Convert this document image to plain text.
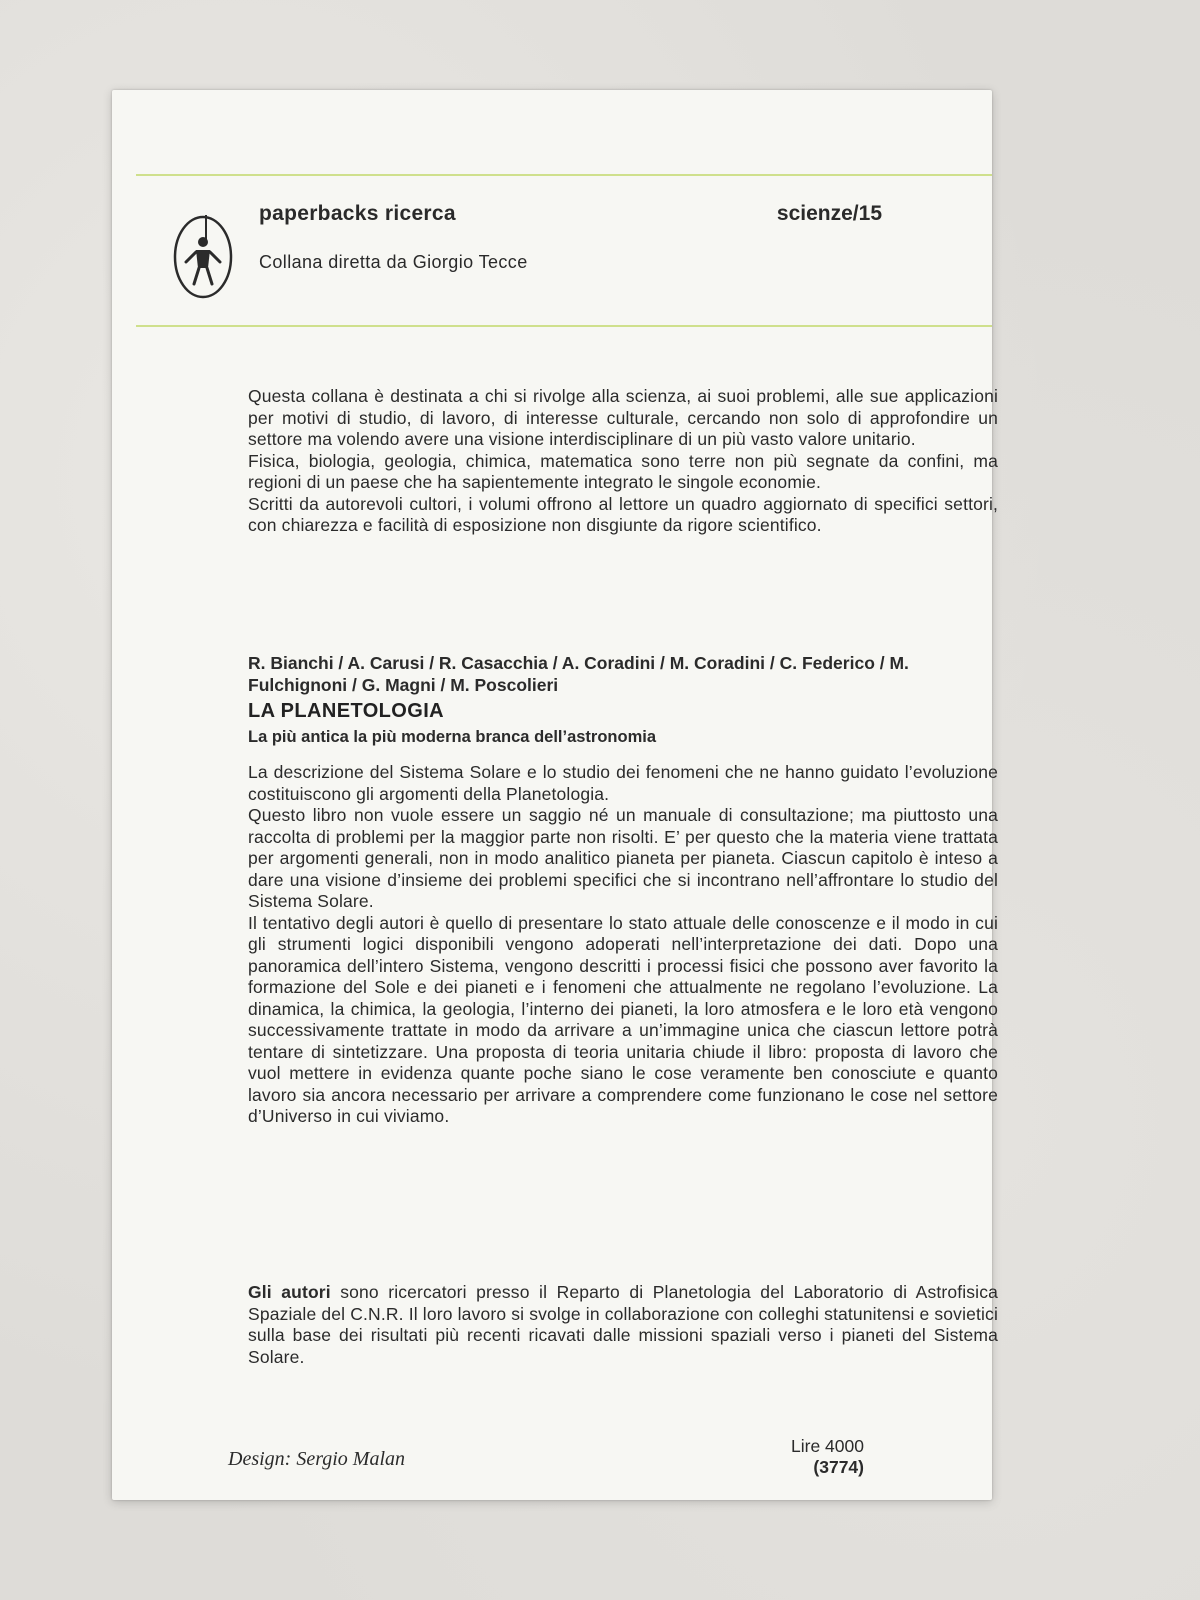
paperbacks ricerca	scienze/15
Collana diretta da Giorgio Tecce

Questa collana è destinata a chi si rivolge alla scienza, ai suoi problemi, alle sue applicazioni per motivi di studio, di lavoro, di interesse culturale, cercando non solo di approfondire un settore ma volendo avere una visione interdisciplinare di un più vasto valore unitario.

Fisica, biologia, geologia, chimica, matematica sono terre non più segnate da confini, ma regioni di un paese che ha sapientemente integrato le singole economie.

Scritti da autorevoli cultori, i volumi offrono al lettore un quadro aggiornato di specifici settori, con chiarezza e facilità di esposizione non disgiunte da rigore scientifico.

R. Bianchi / A. Carusi / R. Casacchia / A. Coradini / M. Coradini / C. Federico / M. Fulchignoni / G. Magni / M. Poscolieri
LA PLANETOLOGIA
La più antica la più moderna branca dell’astronomia

La descrizione del Sistema Solare e lo studio dei fenomeni che ne hanno guidato l’evoluzione costituiscono gli argomenti della Planetologia.

Questo libro non vuole essere un saggio né un manuale di consultazione; ma piuttosto una raccolta di problemi per la maggior parte non risolti. E’ per questo che la materia viene trattata per argomenti generali, non in modo analitico pianeta per pianeta. Ciascun capitolo è inteso a dare una visione d’insieme dei problemi specifici che si incontrano nell’affrontare lo studio del Sistema Solare.

Il tentativo degli autori è quello di presentare lo stato attuale delle conoscenze e il modo in cui gli strumenti logici disponibili vengono adoperati nell’interpretazione dei dati. Dopo una panoramica dell’intero Sistema, vengono descritti i processi fisici che possono aver favorito la formazione del Sole e dei pianeti e i fenomeni che attualmente ne regolano l’evoluzione. La dinamica, la chimica, la geologia, l’interno dei pianeti, la loro atmosfera e le loro età vengono successivamente trattate in modo da arrivare a un’immagine unica che ciascun lettore potrà tentare di sintetizzare. Una proposta di teoria unitaria chiude il libro: proposta di lavoro che vuol mettere in evidenza quante poche siano le cose veramente ben conosciute e quanto lavoro sia ancora necessario per arrivare a comprendere come funzionano le cose nel settore d’Universo in cui viviamo.

Gli autori sono ricercatori presso il Reparto di Planetologia del Laboratorio di Astrofisica Spaziale del C.N.R. Il loro lavoro si svolge in collaborazione con colleghi statunitensi e sovietici sulla base dei risultati più recenti ricavati dalle missioni spaziali verso i pianeti del Sistema Solare.

Design: Sergio Malan
Lire 4000
(3774)
